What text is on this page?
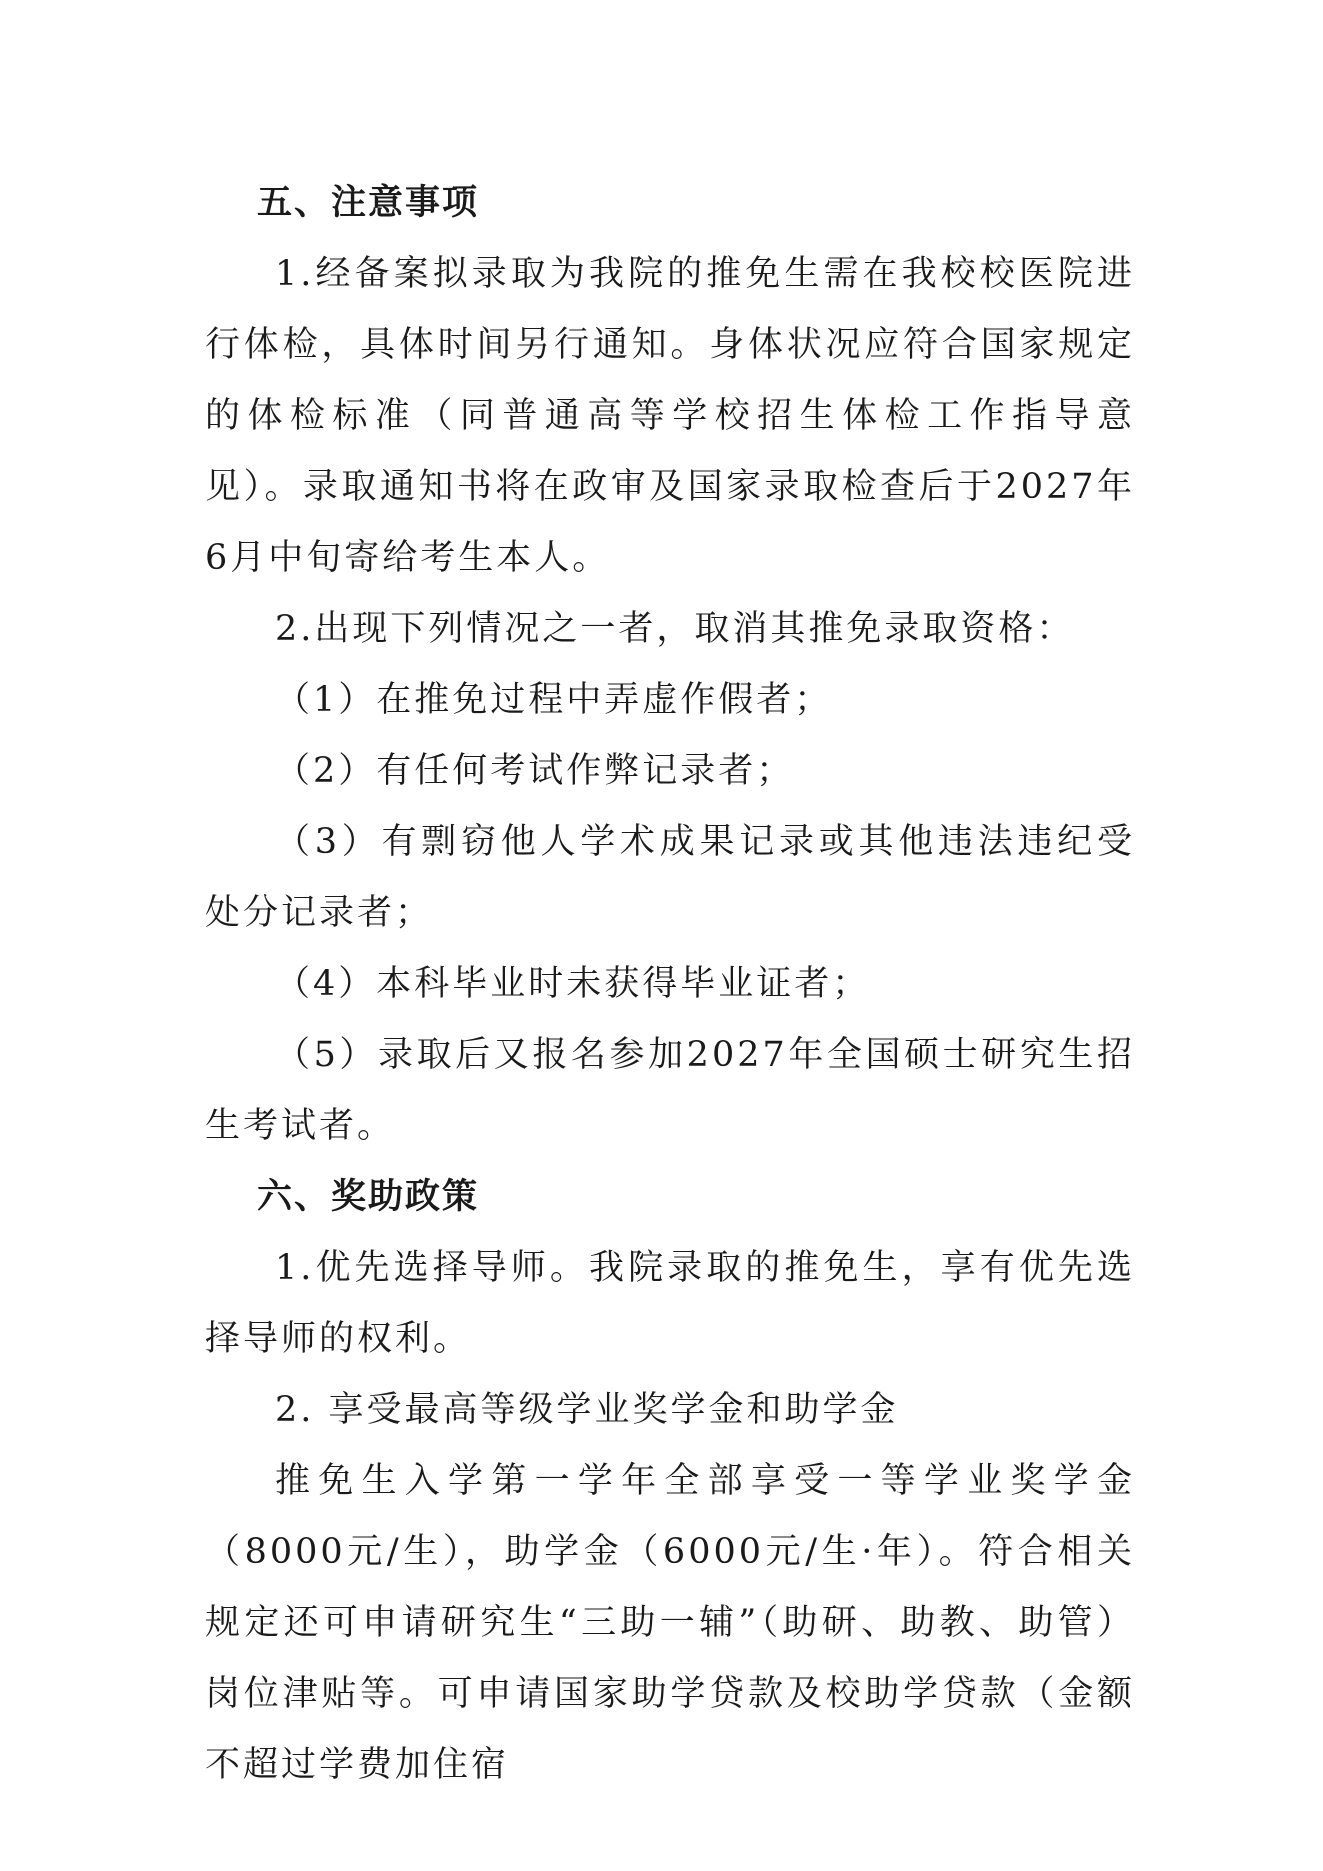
五、注意事项

1.经备案拟录取为我院的推免生需在我校校医院进行体检，具体时间另行通知。身体状况应符合国家规定的体检标准（同普通高等学校招生体检工作指导意见）。录取通知书将在政审及国家录取检查后于2027年6月中旬寄给考生本人。

2.出现下列情况之一者，取消其推免录取资格：

（1）在推免过程中弄虚作假者；

（2）有任何考试作弊记录者；

（3）有剽窃他人学术成果记录或其他违法违纪受处分记录者；

（4）本科毕业时未获得毕业证者；

（5）录取后又报名参加2027年全国硕士研究生招生考试者。

六、奖助政策

1.优先选择导师。我院录取的推免生，享有优先选择导师的权利。

2. 享受最高等级学业奖学金和助学金

推免生入学第一学年全部享受一等学业奖学金（8000元/生），助学金（6000元/生·年）。符合相关规定还可申请研究生“三助一辅”（助研、助教、助管）岗位津贴等。可申请国家助学贷款及校助学贷款（金额不超过学费加住宿
